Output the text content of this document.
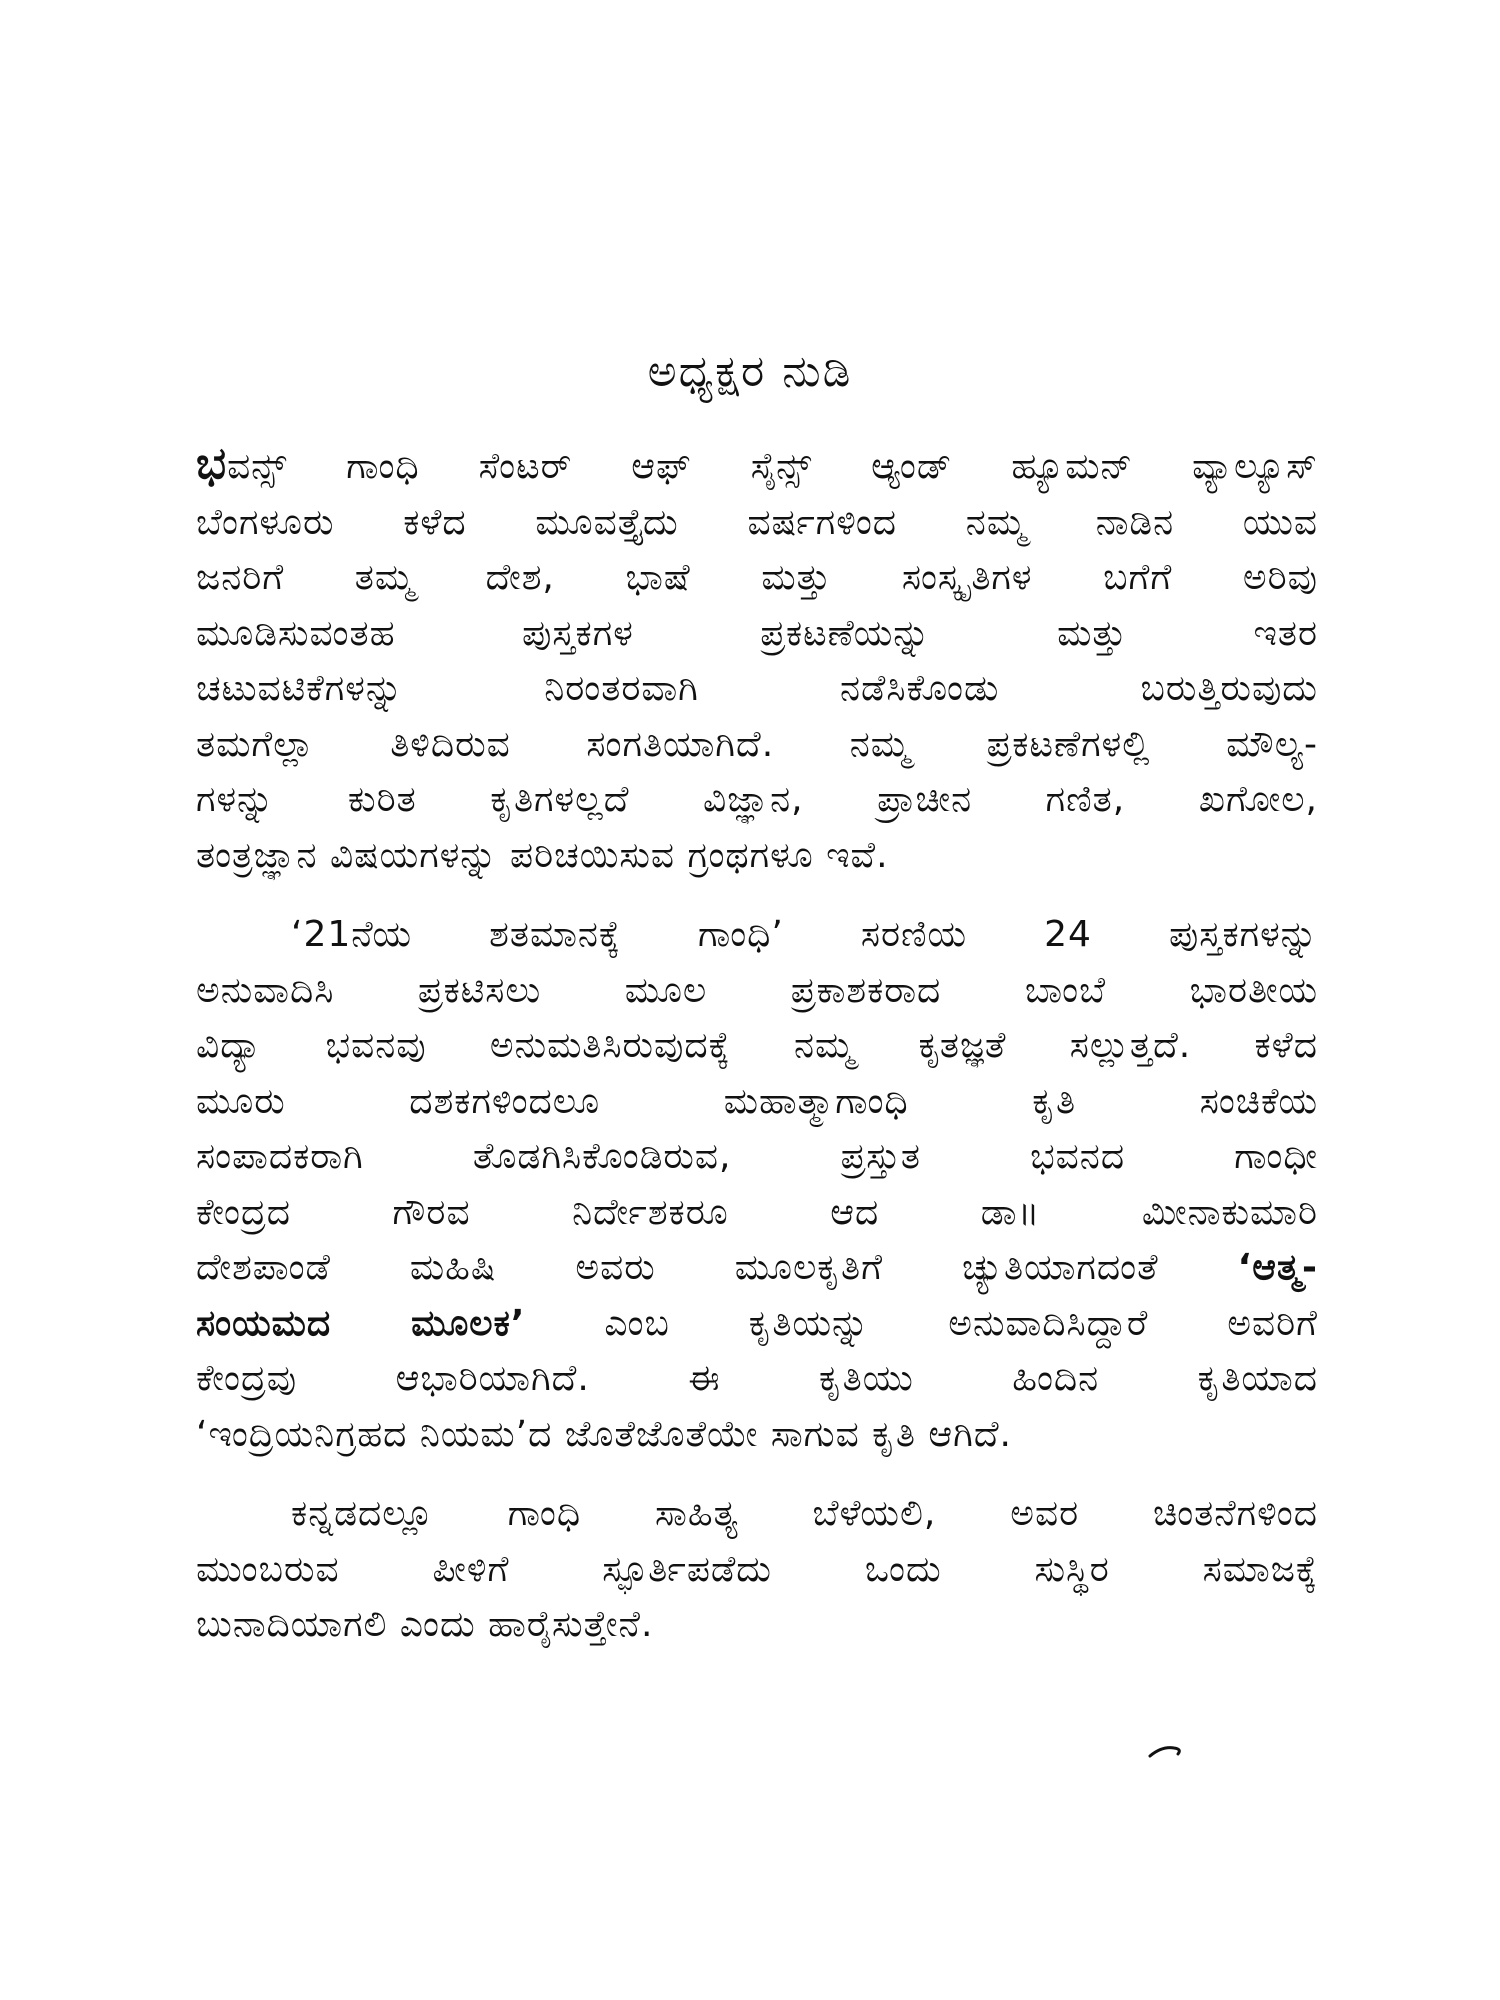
ಅಧ್ಯಕ್ಷರ ನುಡಿ

ಭವನ್ಸ್ ಗಾಂಧಿ ಸೆಂಟರ್ ಆಫ್ ಸೈನ್ಸ್ ಆ್ಯಂಡ್ ಹ್ಯೂಮನ್ ವ್ಯಾಲ್ಯೂಸ್
ಬೆಂಗಳೂರು ಕಳೆದ ಮೂವತ್ತೈದು ವರ್ಷಗಳಿಂದ ನಮ್ಮ ನಾಡಿನ ಯುವ
ಜನರಿಗೆ ತಮ್ಮ ದೇಶ, ಭಾಷೆ ಮತ್ತು ಸಂಸ್ಕೃತಿಗಳ ಬಗೆಗೆ ಅರಿವು
ಮೂಡಿಸುವಂತಹ ಪುಸ್ತಕಗಳ ಪ್ರಕಟಣೆಯನ್ನು ಮತ್ತು ಇತರ
ಚಟುವಟಿಕೆಗಳನ್ನು ನಿರಂತರವಾಗಿ ನಡೆಸಿಕೊಂಡು ಬರುತ್ತಿರುವುದು
ತಮಗೆಲ್ಲಾ ತಿಳಿದಿರುವ ಸಂಗತಿಯಾಗಿದೆ. ನಮ್ಮ ಪ್ರಕಟಣೆಗಳಲ್ಲಿ ಮೌಲ್ಯ-
ಗಳನ್ನು ಕುರಿತ ಕೃತಿಗಳಲ್ಲದೆ ವಿಜ್ಞಾನ, ಪ್ರಾಚೀನ ಗಣಿತ, ಖಗೋಲ,
ತಂತ್ರಜ್ಞಾನ ವಿಷಯಗಳನ್ನು ಪರಿಚಯಿಸುವ ಗ್ರಂಥಗಳೂ ಇವೆ.

‘21ನೆಯ ಶತಮಾನಕ್ಕೆ ಗಾಂಧಿ’ ಸರಣಿಯ 24 ಪುಸ್ತಕಗಳನ್ನು
ಅನುವಾದಿಸಿ ಪ್ರಕಟಿಸಲು ಮೂಲ ಪ್ರಕಾಶಕರಾದ ಬಾಂಬೆ ಭಾರತೀಯ
ವಿದ್ಯಾ ಭವನವು ಅನುಮತಿಸಿರುವುದಕ್ಕೆ ನಮ್ಮ ಕೃತಜ್ಞತೆ ಸಲ್ಲುತ್ತದೆ. ಕಳೆದ
ಮೂರು ದಶಕಗಳಿಂದಲೂ ಮಹಾತ್ಮಾಗಾಂಧಿ ಕೃತಿ ಸಂಚಿಕೆಯ
ಸಂಪಾದಕರಾಗಿ ತೊಡಗಿಸಿಕೊಂಡಿರುವ, ಪ್ರಸ್ತುತ ಭವನದ ಗಾಂಧೀ
ಕೇಂದ್ರದ ಗೌರವ ನಿರ್ದೇಶಕರೂ ಆದ ಡಾ॥ ಮೀನಾಕುಮಾರಿ
ದೇಶಪಾಂಡೆ ಮಹಿಷಿ ಅವರು ಮೂಲಕೃತಿಗೆ ಚ್ಯುತಿಯಾಗದಂತೆ ‘ಆತ್ಮ-
ಸಂಯಮದ ಮೂಲಕ’ ಎಂಬ ಕೃತಿಯನ್ನು ಅನುವಾದಿಸಿದ್ದಾರೆ ಅವರಿಗೆ
ಕೇಂದ್ರವು ಆಭಾರಿಯಾಗಿದೆ. ಈ ಕೃತಿಯು ಹಿಂದಿನ ಕೃತಿಯಾದ
‘ಇಂದ್ರಿಯನಿಗ್ರಹದ ನಿಯಮ’ದ ಜೊತೆಜೊತೆಯೇ ಸಾಗುವ ಕೃತಿ ಆಗಿದೆ.

ಕನ್ನಡದಲ್ಲೂ ಗಾಂಧಿ ಸಾಹಿತ್ಯ ಬೆಳೆಯಲಿ, ಅವರ ಚಿಂತನೆಗಳಿಂದ
ಮುಂಬರುವ ಪೀಳಿಗೆ ಸ್ಫೂರ್ತಿಪಡೆದು ಒಂದು ಸುಸ್ಥಿರ ಸಮಾಜಕ್ಕೆ
ಬುನಾದಿಯಾಗಲಿ ಎಂದು ಹಾರೈಸುತ್ತೇನೆ.
